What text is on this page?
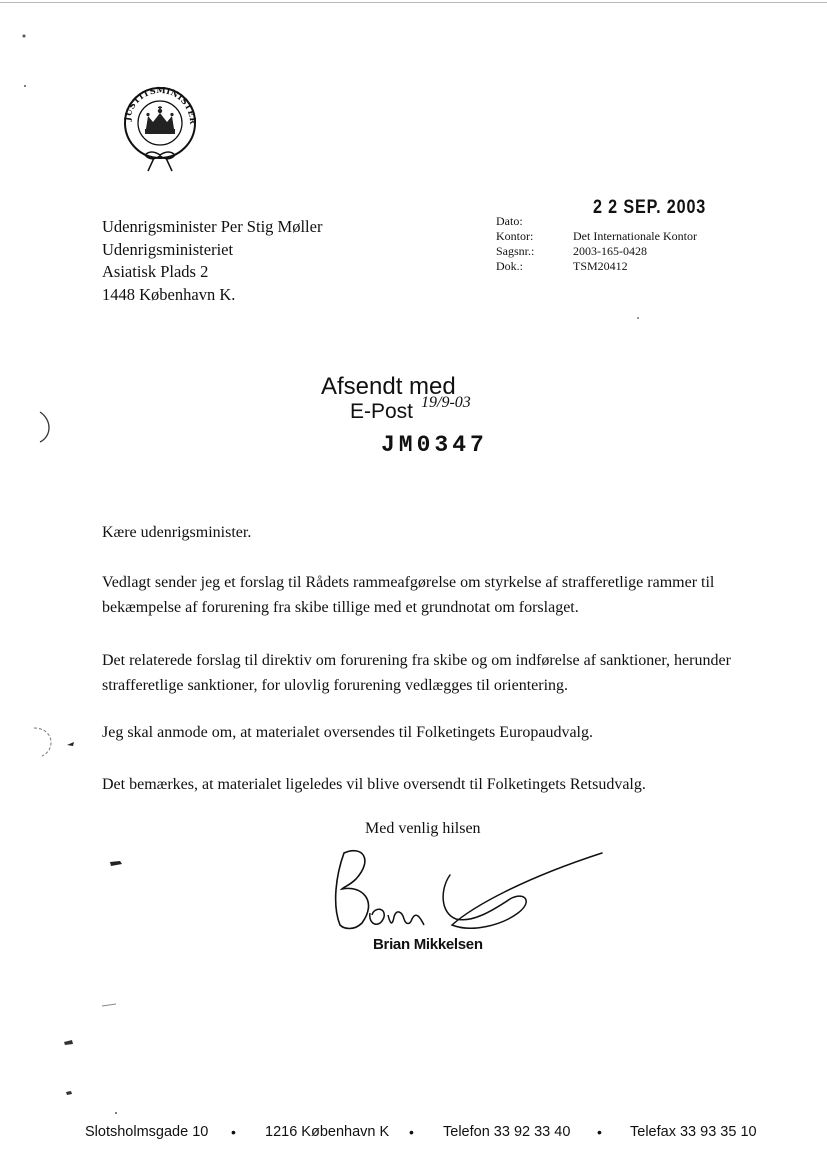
JUSTITSMINISTER
Udenrigsminister Per Stig Møller
Udenrigsministeriet
Asiatisk Plads 2
1448 København K.
2 2 SEP. 2003
Dato:
Kontor:	Det Internationale Kontor
Sagsnr.:	2003-165-0428
Dok.:	TSM20412
Afsendt med
E-Post 19/9-03
JM0347
Kære udenrigsminister.
Vedlagt sender jeg et forslag til Rådets rammeafgørelse om styrkelse af strafferetlige rammer til bekæmpelse af forurening fra skibe tillige med et grundnotat om forslaget.
Det relaterede forslag til direktiv om forurening fra skibe og om indførelse af sanktioner, herunder strafferetlige sanktioner, for ulovlig forurening vedlægges til orientering.
Jeg skal anmode om, at materialet oversendes til Folketingets Europaudvalg.
Det bemærkes, at materialet ligeledes vil blive oversendt til Folketingets Retsudvalg.
Med venlig hilsen
Brian Mikkelsen
Slotsholmsgade 10 • 1216 København K • Telefon 33 92 33 40 • Telefax 33 93 35 10
